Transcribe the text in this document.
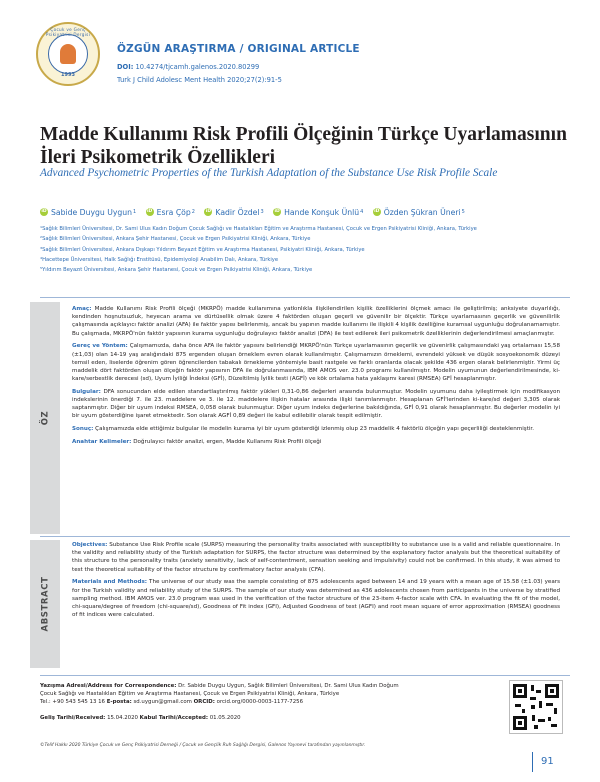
Çocuk ve Genç Psikiyatrisi Dergisi
1993
ÖZGÜN ARAŞTIRMA / ORIGINAL ARTICLE
DOI: 10.4274/tjcamh.galenos.2020.80299
Turk J Child Adolesc Ment Health 2020;27(2):91-5
Madde Kullanımı Risk Profili Ölçeğinin Türkçe Uyarlamasının İleri Psikometrik Özellikleri
Advanced Psychometric Properties of the Turkish Adaptation of the Substance Use Risk Profile Scale
iD Sabide Duygu Uygun 1
	iD Esra Çöp 2
	iD Kadir Özdel 3
	iD Hande Konşuk Ünlü 4
	iD Özden Şükran Üneri 5

¹Sağlık Bilimleri Üniversitesi, Dr. Sami Ulus Kadın Doğum Çocuk Sağlığı ve Hastalıkları Eğitim ve Araştırma Hastanesi, Çocuk ve Ergen Psikiyatrisi Kliniği, Ankara, Türkiye

²Sağlık Bilimleri Üniversitesi, Ankara Şehir Hastanesi, Çocuk ve Ergen Psikiyatrisi Kliniği, Ankara, Türkiye

³Sağlık Bilimleri Üniversitesi, Ankara Dışkapı Yıldırım Beyazıt Eğitim ve Araştırma Hastanesi, Psikiyatri Kliniği, Ankara, Türkiye

⁴Hacettepe Üniversitesi, Halk Sağlığı Enstitüsü, Epidemiyoloji Anabilim Dalı, Ankara, Türkiye

⁵Yıldırım Beyazıt Üniversitesi, Ankara Şehir Hastanesi, Çocuk ve Ergen Psikiyatrisi Kliniği, Ankara, Türkiye

ÖZ

Amaç: Madde Kullanımı Risk Profili ölçeği (MKRPÖ) madde kullanımına yatkınlıkla ilişkilendirilen kişilik özelliklerini ölçmek amacı ile geliştirilmiş; anksiyete duyarlılığı, kendinden hoşnutsuzluk, heyecan arama ve dürtüsellik olmak üzere 4 faktörden oluşan geçerli ve güvenilir bir ölçektir. Türkçe uyarlamasının geçerlik ve güvenilirlik çalışmasında açıklayıcı faktör analizi (AFA) ile faktör yapısı belirlenmiş, ancak bu yapının madde kullanımı ile ilişkili 4 kişilik özelliğine kuramsal uygunluğu doğrulanamamıştır. Bu çalışmada, MKRPÖ'nün faktör yapısının kurama uygunluğu doğrulayıcı faktör analizi (DFA) ile test edilerek ileri psikometrik özelliklerinin değerlendirilmesi amaçlanmıştır.

Gereç ve Yöntem: Çalışmamızda, daha önce AFA ile faktör yapısını belirlendiği MKRPÖ'nün Türkçe uyarlamasının geçerlik ve güvenirlik çalışmasındaki yaş ortalaması 15,58 (±1,03) olan 14-19 yaş aralığındaki 875 ergenden oluşan örneklem evren olarak kullanılmıştır. Çalışmamızın örneklemi, evrendeki yüksek ve düşük sosyoekonomik düzeyi temsil eden, liselerde öğrenim gören öğrencilerden tabakalı örnekleme yöntemiyle basit rastgele ve farklı oranlarda olacak şekilde 436 ergen olarak belirlenmiştir. Yirmi üç maddelik dört faktörden oluşan ölçeğin faktör yapısının DFA ile doğrulanmasında, IBM AMOS ver. 23.0 programı kullanılmıştır. Modelin uyumunun değerlendirilmesinde, ki-kare/serbestlik derecesi (sd), Uyum İyiliği İndeksi (GFİ), Düzeltilmiş İyilik testi (AGFİ) ve kök ortalama hata yaklaşımı karesi (RMSEA) GFİ hesaplanmıştır.

Bulgular: DFA sonucundan elde edilen standartlaştırılmış faktör yükleri 0,31-0,86 değerleri arasında bulunmuştur. Modelin uyumunu daha iyileştirmek için modifikasyon indekslerinin önerdiği 7. ile 23. maddelere ve 3. ile 12. maddelere ilişkin hatalar arasında ilişki tanımlanmıştır. Hesaplanan GFİ'lerinden ki-kare/sd değeri 3,305 olarak saptanmıştır. Diğer bir uyum indeksi RMSEA, 0,058 olarak bulunmuştur. Diğer uyum indeks değerlerine bakıldığında, GFİ 0,91 olarak hesaplanmıştır. Bu değerler modelin iyi bir uyum gösterdiğine işaret etmektedir. Son olarak AGFİ 0,89 değeri ile kabul edilebilir olarak tespit edilmiştir.

Sonuç: Çalışmamızda elde ettiğimiz bulgular ile modelin kurama iyi bir uyum gösterdiği izlenmiş olup 23 maddelik 4 faktörlü ölçeğin yapı geçerliliği desteklenmiştir.

Anahtar Kelimeler: Doğrulayıcı faktör analizi, ergen, Madde Kullanımı Risk Profili ölçeği

ABSTRACT

Objectives: Substance Use Risk Profile scale (SURPS) measuring the personality traits associated with susceptibility to substance use is a valid and reliable questionnaire. In the validity and reliability study of the Turkish adaptation for SURPS, the factor structure was determined by the explanatory factor analysis but the theoretical suitability of this structure to the personality traits (anxiety sensitivity, lack of self-contentment, sensation seeking and impulsivity) could not be confirmed. In this study, it was aimed to test the theoretical suitability of the factor structure by confirmatory factor analysis (CFA).

Materials and Methods: The universe of our study was the sample consisting of 875 adolescents aged between 14 and 19 years with a mean age of 15.58 (±1.03) years for the Turkish validity and reliability study of the SURPS. The sample of our study was determined as 436 adolescents chosen from participants in the universe by stratified sampling method. IBM AMOS ver. 23.0 program was used in the verification of the factor structure of the 23-item 4-factor scale with CFA. In evaluating the fit of the model, chi-square/degree of freedom (chi-square/sd), Goodness of Fit index (GFI), Adjusted Goodness of test (AGFI) and root mean square of error approximation (RMSEA) goodness of fit indices were calculated.

Yazışma Adresi/Address for Correspondence: Dr. Sabide Duygu Uygun, Sağlık Bilimleri Üniversitesi, Dr. Sami Ulus Kadın Doğum Çocuk Sağlığı ve Hastalıkları Eğitim ve Araştırma Hastanesi, Çocuk ve Ergen Psikiyatrisi Kliniği, Ankara, Türkiye
Tel.: +90 543 545 13 16 E-posta: sd.uygun@gmail.com ORCID: orcid.org/0000-0003-1177-7256
Geliş Tarihi/Received: 15.04.2020 Kabul Tarihi/Accepted: 01.05.2020
©Telif Hakkı 2020 Türkiye Çocuk ve Genç Psikiyatrisi Derneği / Çocuk ve Gençlik Ruh Sağlığı Dergisi, Galenos Yayınevi tarafından yayınlanmıştır.
91
